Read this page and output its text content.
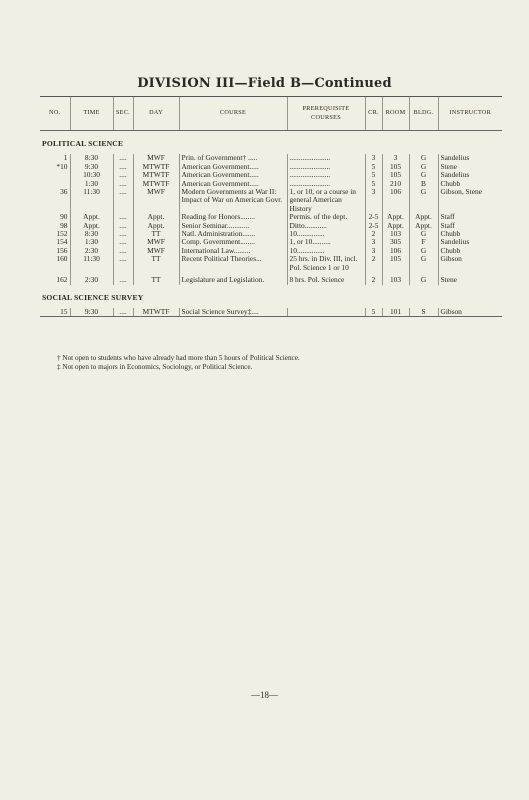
DIVISION III—Field B—Continued
NO.	TIME	SEC.	DAY	COURSE	PREREQUISITE COURSES	CR.	ROOM	BLDG.	INSTRUCTOR
POLITICAL SCIENCE									
1	8:30	....	MWF	Prin. of Government† .....	......................	3	3	G	Sandelius
*10	9:30	....	MTWTF	American Government.....	......................	5	105	G	Stene
	10:30	....	MTWTF	American Government.....	......................	5	105	G	Sandelius
	1:30	....	MTWTF	American Government.....	......................	5	210	B	Chubb
36	11:30	....	MWF	Modern Governments at War II: Impact of War on American Govr.	1, or 10, or a course in general American History	3	106	G	Gibson, Stene
90	Appt.	....	Appt.	Reading for Honors........	Permis. of the dept.	2-5	Appt.	Appt.	Staff
98	Appt.	....	Appt.	Senior Seminar............	Ditto............	2-5	Appt.	Appt.	Staff
152	8:30	....	TT	Natl. Administration.......	10...............	2	103	G	Chubb
154	1:30	....	MWF	Comp. Government........	1, or 10..........	3	305	F	Sandelius
156	2:30	....	MWF	International Law.........	10...............	3	106	G	Chubb
160	11:30	....	TT	Recent Political Theories...	25 hrs. in Div. III, incl. Pol. Science 1 or 10	2	105	G	Gibson

162	2:30	....	TT	Legislature and Legislation.	8 hrs. Pol. Science	2	103	G	Stene
SOCIAL SCIENCE SURVEY									
15	9:30	....	MTWTF	Social Science Survey‡....		5	101	S	Gibson
† Not open to students who have already had more than 5 hours of Political Science.
‡ Not open to majors in Economics, Sociology, or Political Science.
—18—
